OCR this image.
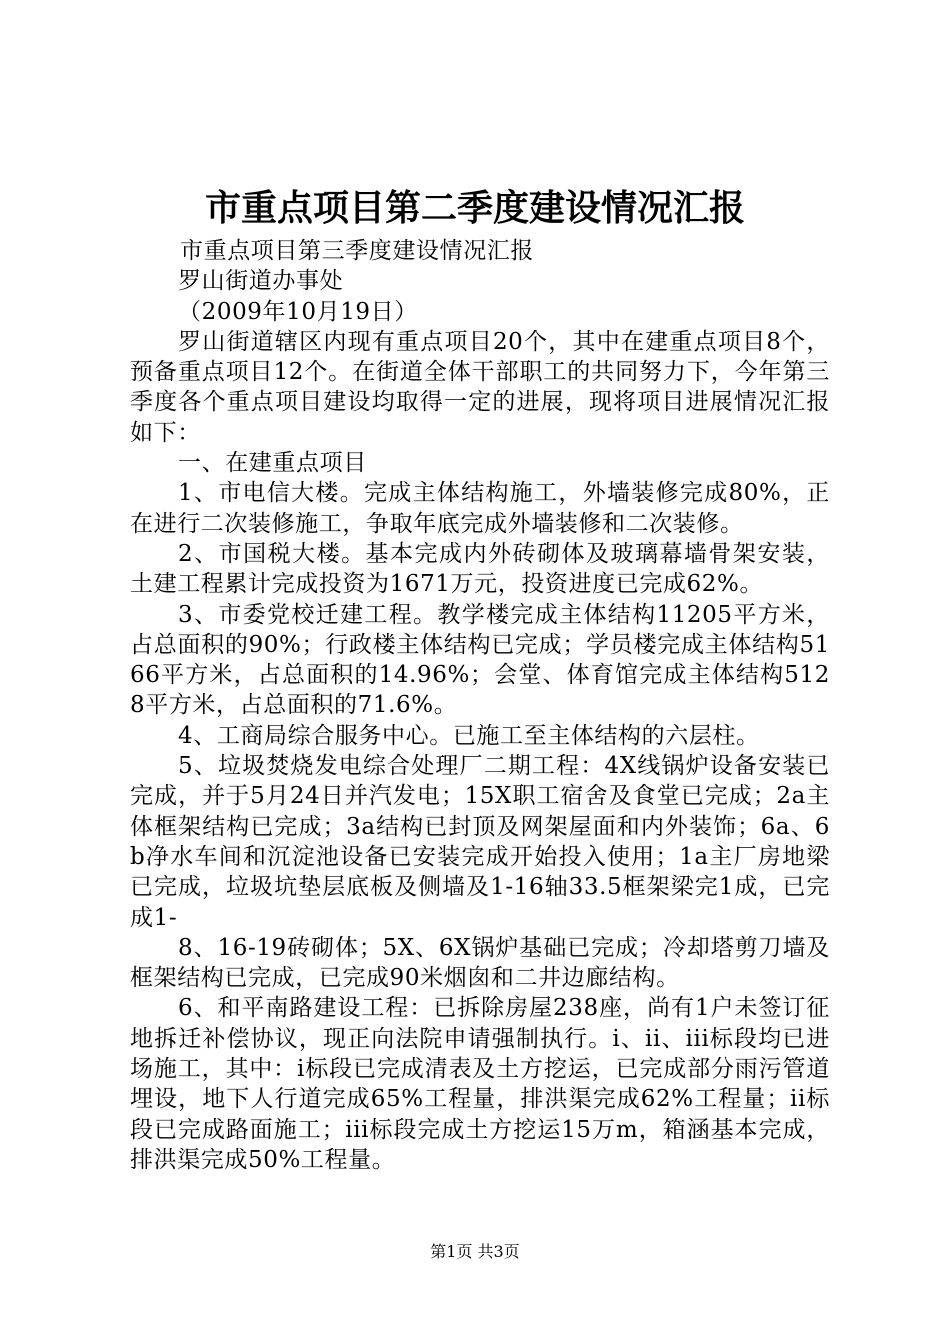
市重点项目第二季度建设情况汇报

市重点项目第三季度建设情况汇报

罗山街道办事处

（2009年10月19日）

罗山街道辖区内现有重点项目20个，其中在建重点项目8个，预备重点项目12个。在街道全体干部职工的共同努力下，今年第三季度各个重点项目建设均取得一定的进展，现将项目进展情况汇报如下：

一、在建重点项目

1、市电信大楼。完成主体结构施工，外墙装修完成80%，正在进行二次装修施工，争取年底完成外墙装修和二次装修。

2、市国税大楼。基本完成内外砖砌体及玻璃幕墙骨架安装，土建工程累计完成投资为1671万元，投资进度已完成62%。

3、市委党校迁建工程。教学楼完成主体结构11205平方米，占总面积的90%；行政楼主体结构已完成；学员楼完成主体结构5166平方米，占总面积的14.96%；会堂、体育馆完成主体结构5128平方米，占总面积的71.6%。

4、工商局综合服务中心。已施工至主体结构的六层柱。

5、垃圾焚烧发电综合处理厂二期工程：4X线锅炉设备安装已完成，并于5月24日并汽发电；15X职工宿舍及食堂已完成；2a主体框架结构已完成；3a结构已封顶及网架屋面和内外装饰；6a、6b净水车间和沉淀池设备已安装完成开始投入使用；1a主厂房地梁已完成，垃圾坑垫层底板及侧墙及1-16轴33.5框架梁完1成，已完成1-

8、16-19砖砌体；5X、6X锅炉基础已完成；冷却塔剪刀墙及框架结构已完成，已完成90米烟囱和二井边廊结构。

6、和平南路建设工程：已拆除房屋238座，尚有1户未签订征地拆迁补偿协议，现正向法院申请强制执行。i、ii、iii标段均已进场施工，其中：i标段已完成清表及土方挖运，已完成部分雨污管道埋设，地下人行道完成65%工程量，排洪渠完成62%工程量；ii标段已完成路面施工；iii标段完成土方挖运15万m，箱涵基本完成，排洪渠完成50%工程量。

第1页 共3页
